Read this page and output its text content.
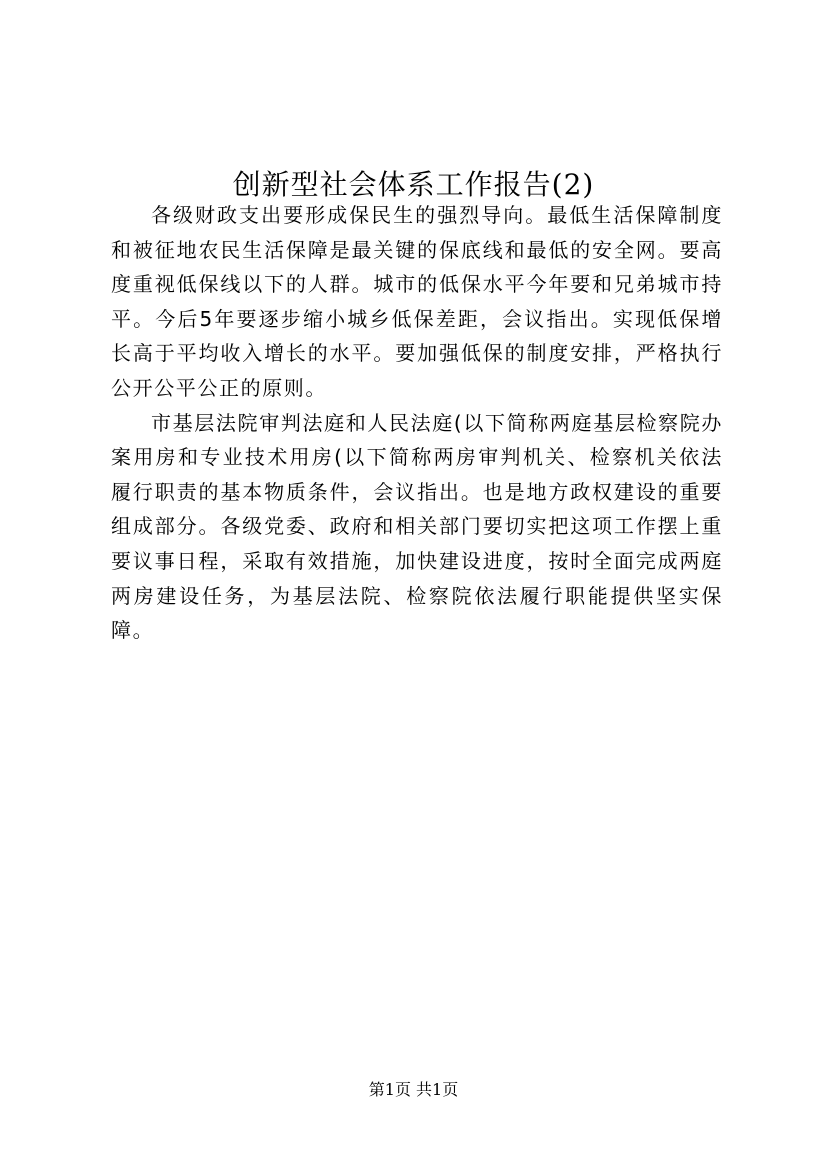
创新型社会体系工作报告(2)

各级财政支出要形成保民生的强烈导向。最低生活保障制度和被征地农民生活保障是最关键的保底线和最低的安全网。要高度重视低保线以下的人群。城市的低保水平今年要和兄弟城市持平。今后5年要逐步缩小城乡低保差距，会议指出。实现低保增长高于平均收入增长的水平。要加强低保的制度安排，严格执行公开公平公正的原则。

市基层法院审判法庭和人民法庭(以下简称两庭基层检察院办案用房和专业技术用房(以下简称两房审判机关、检察机关依法履行职责的基本物质条件，会议指出。也是地方政权建设的重要组成部分。各级党委、政府和相关部门要切实把这项工作摆上重要议事日程，采取有效措施，加快建设进度，按时全面完成两庭两房建设任务，为基层法院、检察院依法履行职能提供坚实保障。

第1页 共1页
